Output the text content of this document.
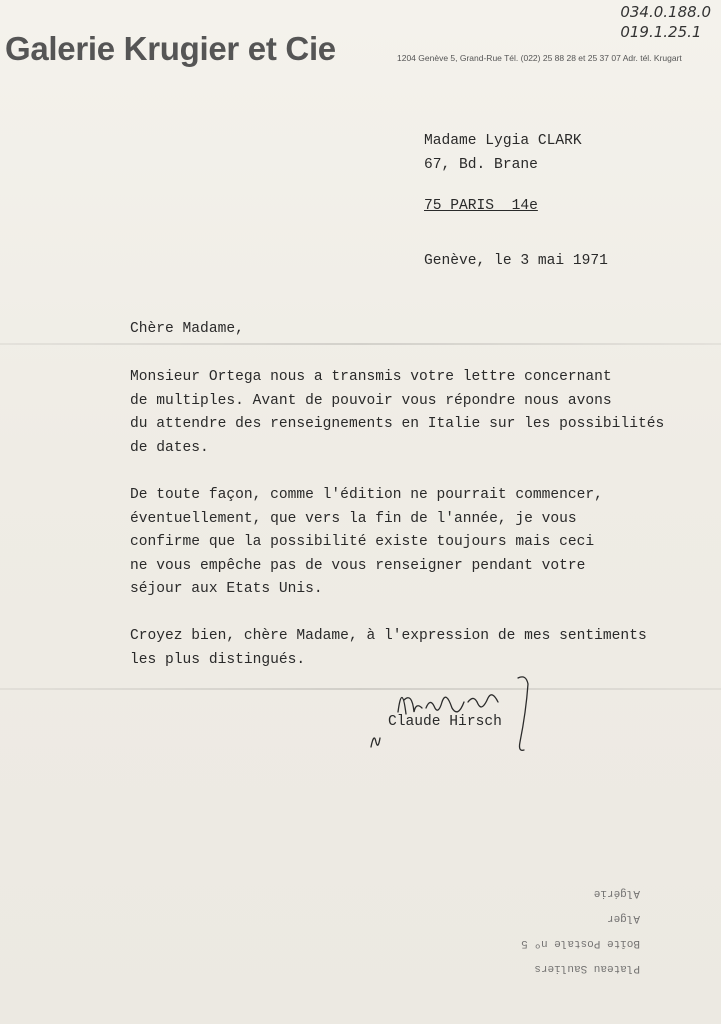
Galerie Krugier et Cie	1204 Genève 5, Grand-Rue Tél. (022) 25 88 28 et 25 37 07 Adr. tél. Krugart
034.0.188.0
019.1.25.1
Madame Lygia CLARK
67, Bd. Brane
75 PARIS  14e
Genève, le 3 mai 1971
Chère Madame,
Monsieur Ortega nous a transmis votre lettre concernant
de multiples. Avant de pouvoir vous répondre nous avons
du attendre des renseignements en Italie sur les possibilités
de dates.
De toute façon, comme l'édition ne pourrait commencer,
éventuellement, que vers la fin de l'année, je vous
confirme que la possibilité existe toujours mais ceci
ne vous empêche pas de vous renseigner pendant votre
séjour aux Etats Unis.
Croyez bien, chère Madame, à l'expression de mes sentiments
les plus distingués.
Claude Hirsch
Plateau Sauliers
Boîte Postale nº 5
Alger
Algérie
